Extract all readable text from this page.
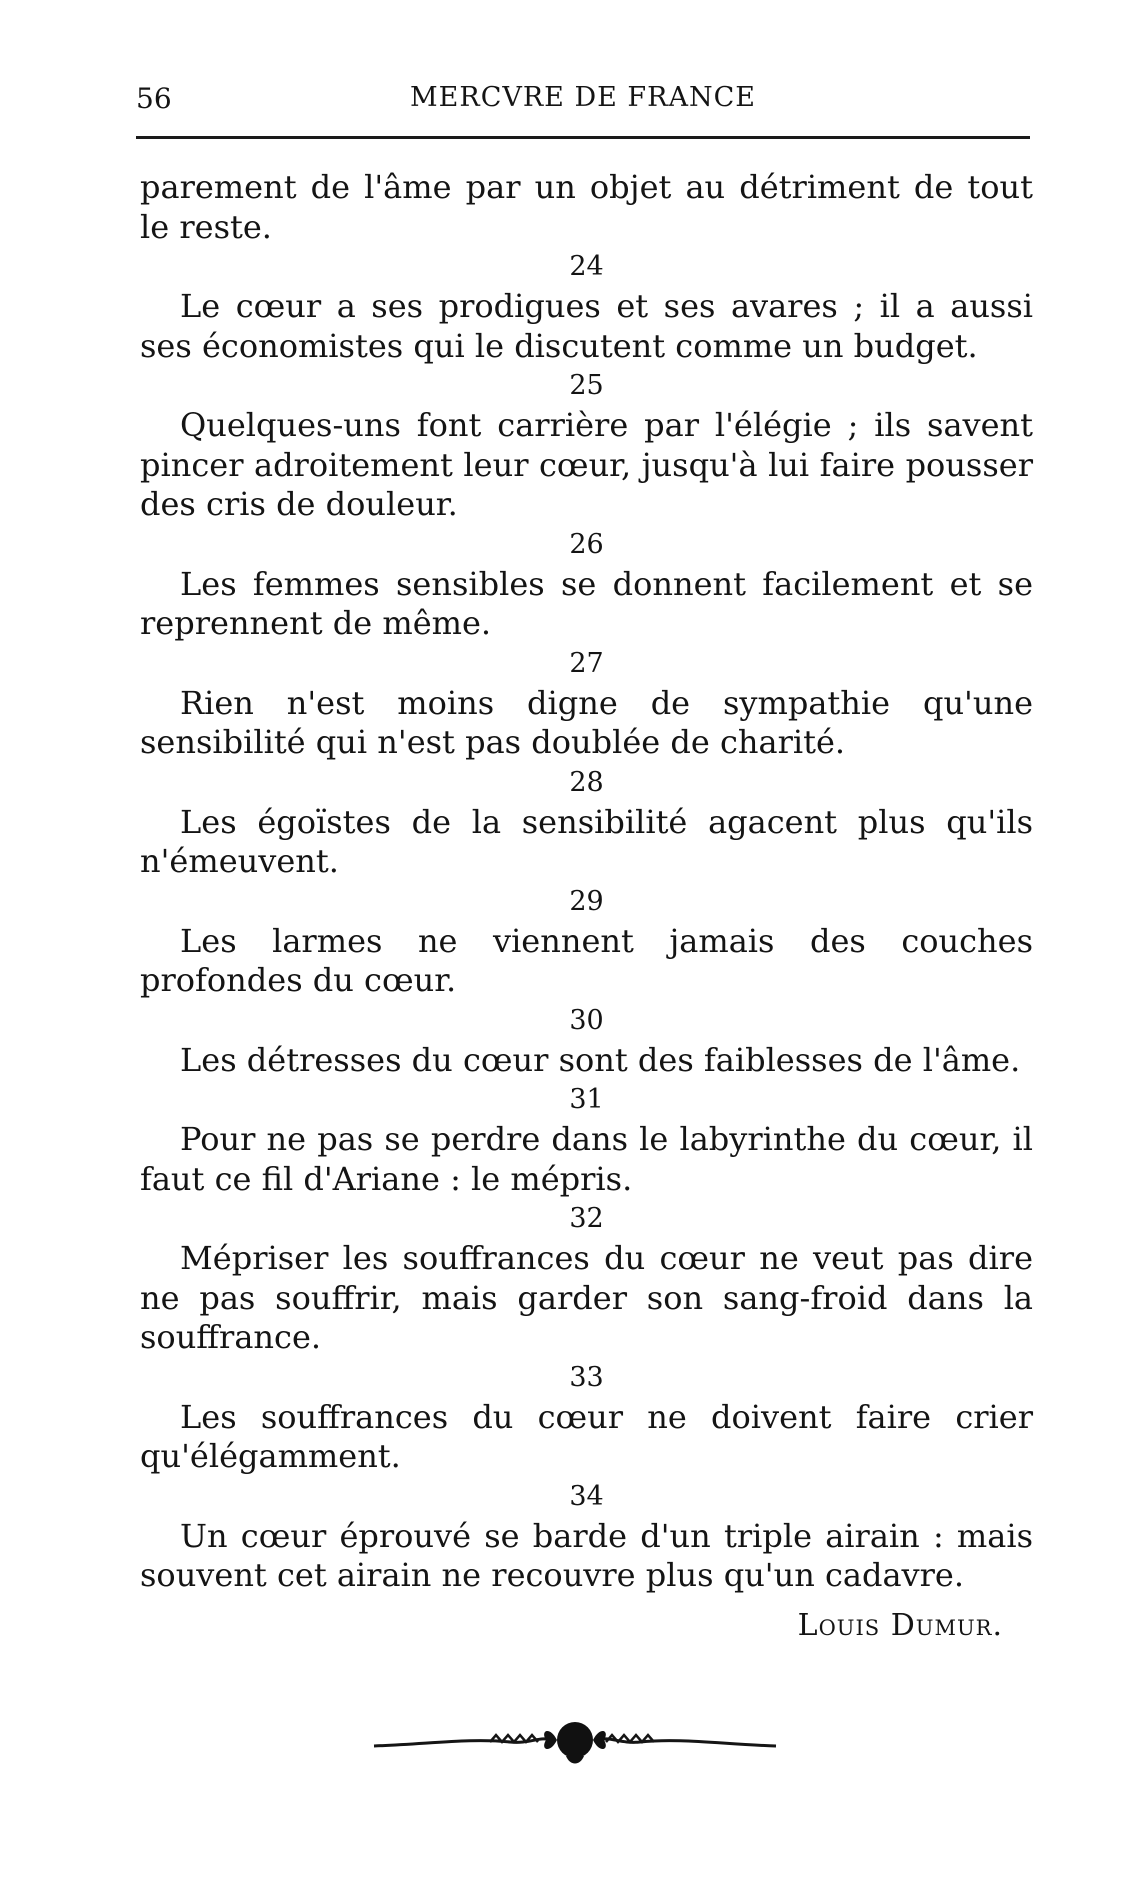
56	MERCVRE DE FRANCE

parement de l'âme par un objet au détriment de tout le reste.

24

Le cœur a ses prodigues et ses avares ; il a aussi ses économistes qui le discutent comme un budget.

25

Quelques-uns font carrière par l'élégie ; ils savent pincer adroitement leur cœur, jusqu'à lui faire pousser des cris de douleur.

26

Les femmes sensibles se donnent facilement et se reprennent de même.

27

Rien n'est moins digne de sympathie qu'une sensibilité qui n'est pas doublée de charité.

28

Les égoïstes de la sensibilité agacent plus qu'ils n'émeuvent.

29

Les larmes ne viennent jamais des couches profondes du cœur.

30

Les détresses du cœur sont des faiblesses de l'âme.

31

Pour ne pas se perdre dans le labyrinthe du cœur, il faut ce fil d'Ariane : le mépris.

32

Mépriser les souffrances du cœur ne veut pas dire ne pas souffrir, mais garder son sang-froid dans la souffrance.

33

Les souffrances du cœur ne doivent faire crier qu'élégamment.

34

Un cœur éprouvé se barde d'un triple airain : mais souvent cet airain ne recouvre plus qu'un cadavre.

Louis Dumur.
